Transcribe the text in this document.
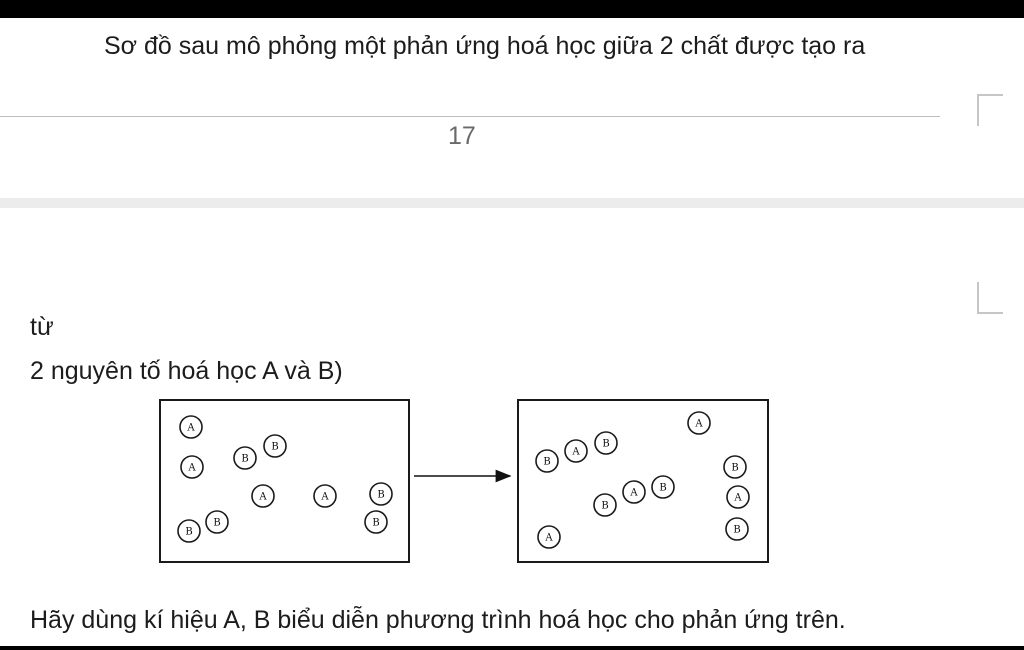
Sơ đồ sau mô phỏng một phản ứng hoá học giữa 2 chất được tạo ra
17
từ
2 nguyên tố hoá học A và B)
A
A
B
B
A	A	B
B
B
B
B
A
B
A
B
A B
A
B
A
B
Hãy dùng kí hiệu A, B biểu diễn phương trình hoá học cho phản ứng trên.
